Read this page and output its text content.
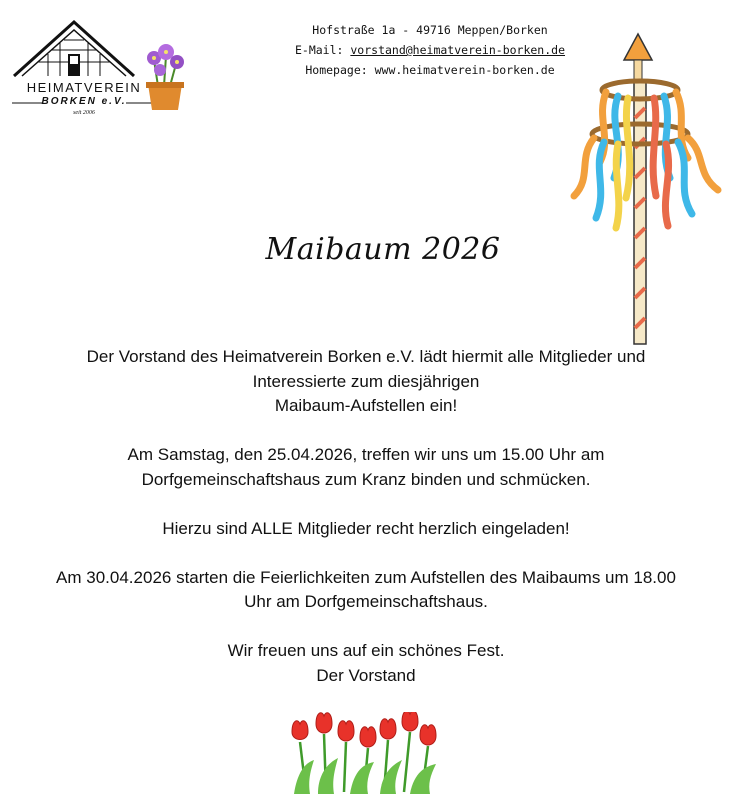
HEIMATVEREIN
BORKEN e.V.
seit 2006
Hofstraße 1a - 49716 Meppen/Borken
E-Mail: vorstand@heimatverein-borken.de
Homepage: www.heimatverein-borken.de
Maibaum 2026

Der Vorstand des Heimatverein Borken e.V. lädt hiermit alle Mitglieder und

Interessierte zum diesjährigen

Maibaum-Aufstellen ein!

Am Samstag, den 25.04.2026, treffen wir uns um 15.00 Uhr am

Dorfgemeinschaftshaus zum Kranz binden und schmücken.

Hierzu sind ALLE Mitglieder recht herzlich eingeladen!

Am 30.04.2026 starten die Feierlichkeiten zum Aufstellen des Maibaums um 18.00

Uhr am Dorfgemeinschaftshaus.

Wir freuen uns auf ein schönes Fest.

Der Vorstand
